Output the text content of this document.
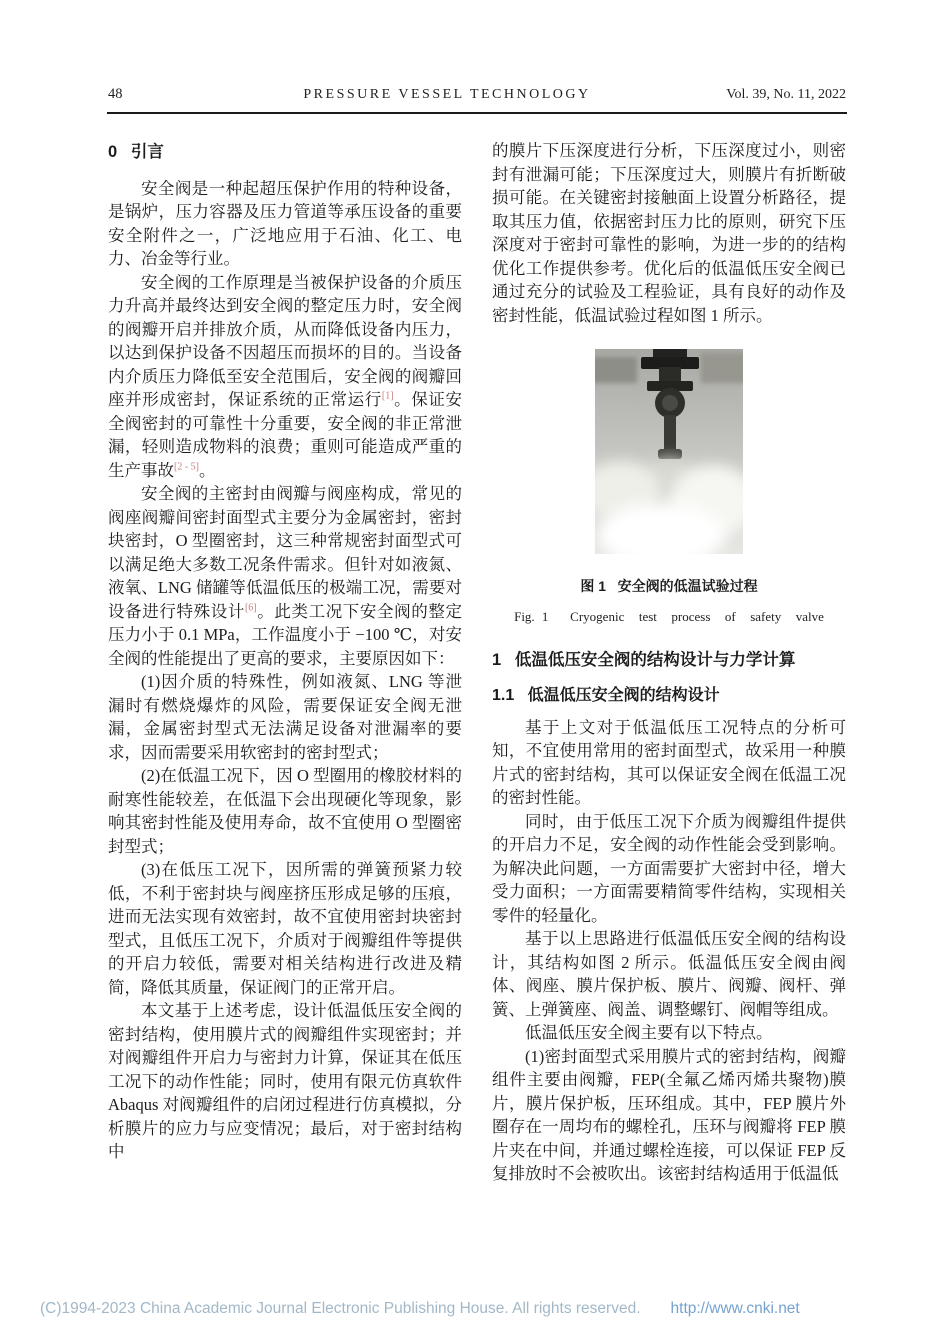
48	PRESSURE VESSEL TECHNOLOGY	Vol. 39, No. 11, 2022
0   引言

安全阀是一种起超压保护作用的特种设备，是锅炉，压力容器及压力管道等承压设备的重要安全附件之一，广泛地应用于石油、化工、电力、冶金等行业。

安全阀的工作原理是当被保护设备的介质压力升高并最终达到安全阀的整定压力时，安全阀的阀瓣开启并排放介质，从而降低设备内压力，以达到保护设备不因超压而损坏的目的。当设备内介质压力降低至安全范围后，安全阀的阀瓣回座并形成密封，保证系统的正常运行[1]。保证安全阀密封的可靠性十分重要，安全阀的非正常泄漏，轻则造成物料的浪费；重则可能造成严重的生产事故[2 - 5]。

安全阀的主密封由阀瓣与阀座构成，常见的阀座阀瓣间密封面型式主要分为金属密封，密封块密封，O 型圈密封，这三种常规密封面型式可以满足绝大多数工况条件需求。但针对如液氮、液氧、LNG 储罐等低温低压的极端工况，需要对设备进行特殊设计[6]。此类工况下安全阀的整定压力小于 0.1 MPa，工作温度小于 −100 ℃，对安全阀的性能提出了更高的要求，主要原因如下：

(1)因介质的特殊性，例如液氮、LNG 等泄漏时有燃烧爆炸的风险，需要保证安全阀无泄漏，金属密封型式无法满足设备对泄漏率的要求，因而需要采用软密封的密封型式；

(2)在低温工况下，因 O 型圈用的橡胶材料的耐寒性能较差，在低温下会出现硬化等现象，影响其密封性能及使用寿命，故不宜使用 O 型圈密封型式；

(3)在低压工况下，因所需的弹簧预紧力较低，不利于密封块与阀座挤压形成足够的压痕，进而无法实现有效密封，故不宜使用密封块密封型式，且低压工况下，介质对于阀瓣组件等提供的开启力较低，需要对相关结构进行改进及精简，降低其质量，保证阀门的正常开启。

本文基于上述考虑，设计低温低压安全阀的密封结构，使用膜片式的阀瓣组件实现密封；并对阀瓣组件开启力与密封力计算，保证其在低压工况下的动作性能；同时，使用有限元仿真软件 Abaqus 对阀瓣组件的启闭过程进行仿真模拟，分析膜片的应力与应变情况；最后，对于密封结构中

的膜片下压深度进行分析，下压深度过小，则密封有泄漏可能；下压深度过大，则膜片有折断破损可能。在关键密封接触面上设置分析路径，提取其压力值，依据密封压力比的原则，研究下压深度对于密封可靠性的影响，为进一步的的结构优化工作提供参考。优化后的低温低压安全阀已通过充分的试验及工程验证，具有良好的动作及密封性能，低温试验过程如图 1 所示。

图 1   安全阀的低温试验过程
Fig. 1   Cryogenic  test  process  of  safety  valve
1   低温低压安全阀的结构设计与力学计算
1.1   低温低压安全阀的结构设计

基于上文对于低温低压工况特点的分析可知，不宜使用常用的密封面型式，故采用一种膜片式的密封结构，其可以保证安全阀在低温工况的密封性能。

同时，由于低压工况下介质为阀瓣组件提供的开启力不足，安全阀的动作性能会受到影响。为解决此问题，一方面需要扩大密封中径，增大受力面积；一方面需要精简零件结构，实现相关零件的轻量化。

基于以上思路进行低温低压安全阀的结构设计，其结构如图 2 所示。低温低压安全阀由阀体、阀座、膜片保护板、膜片、阀瓣、阀杆、弹簧、上弹簧座、阀盖、调整螺钉、阀帽等组成。

低温低压安全阀主要有以下特点。

(1)密封面型式采用膜片式的密封结构，阀瓣组件主要由阀瓣，FEP(全氟乙烯丙烯共聚物)膜片，膜片保护板，压环组成。其中，FEP 膜片外圈存在一周均布的螺栓孔，压环与阀瓣将 FEP 膜片夹在中间，并通过螺栓连接，可以保证 FEP 反复排放时不会被吹出。该密封结构适用于低温低

(C)1994-2023 China Academic Journal Electronic Publishing House. All rights reserved. http://www.cnki.net
